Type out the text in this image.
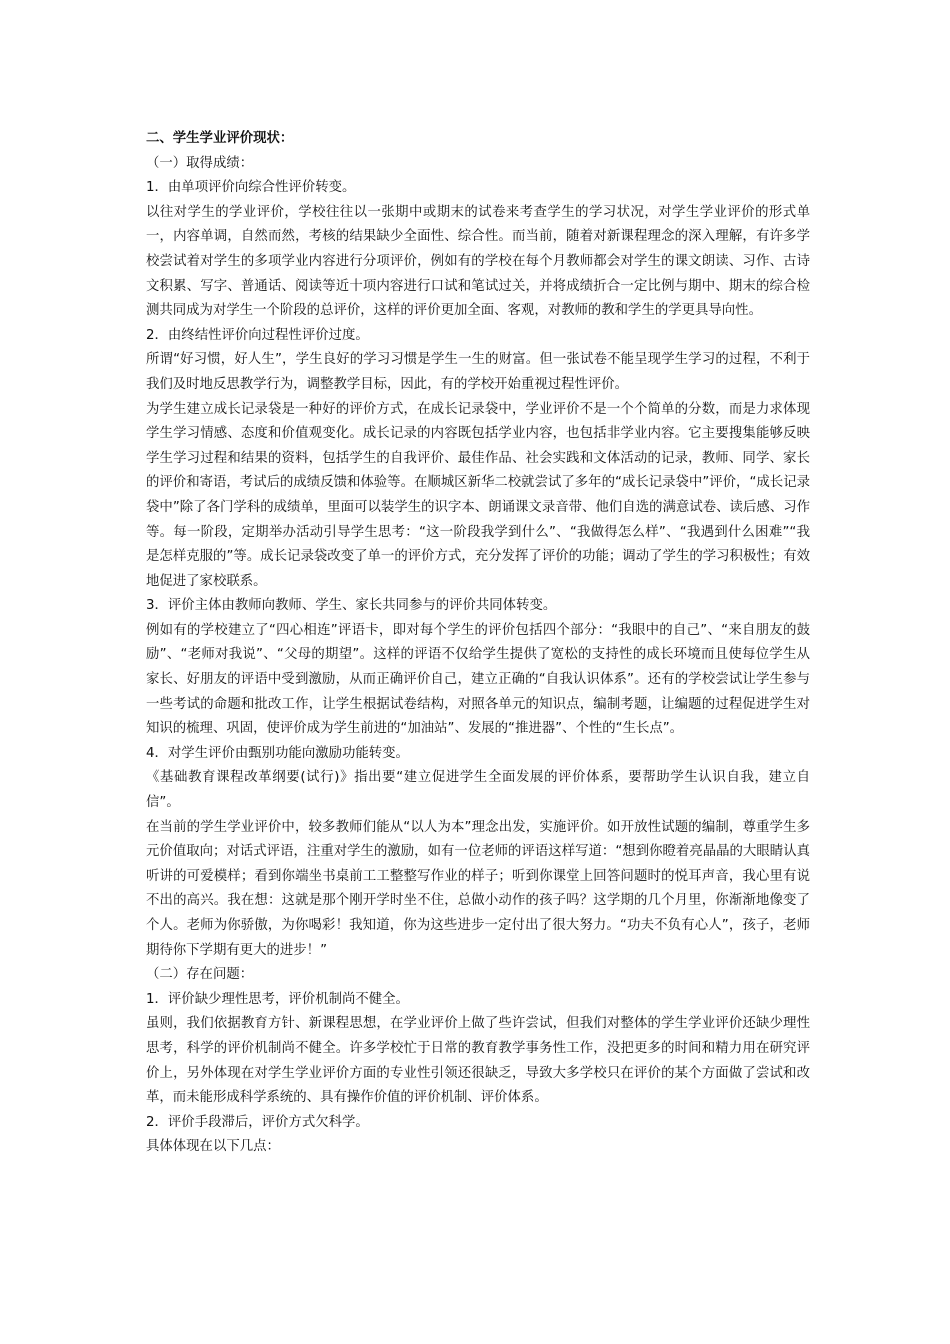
二、学生学业评价现状：
（一）取得成绩：
1．由单项评价向综合性评价转变。
以往对学生的学业评价，学校往往以一张期中或期末的试卷来考查学生的学习状况，对学生学业评价的形式单一，内容单调，自然而然，考核的结果缺少全面性、综合性。而当前，随着对新课程理念的深入理解，有许多学校尝试着对学生的多项学业内容进行分项评价，例如有的学校在每个月教师都会对学生的课文朗读、习作、古诗文积累、写字、普通话、阅读等近十项内容进行口试和笔试过关，并将成绩折合一定比例与期中、期末的综合检测共同成为对学生一个阶段的总评价，这样的评价更加全面、客观，对教师的教和学生的学更具导向性。
2．由终结性评价向过程性评价过度。
所谓“好习惯，好人生”，学生良好的学习习惯是学生一生的财富。但一张试卷不能呈现学生学习的过程，不利于我们及时地反思教学行为，调整教学目标，因此，有的学校开始重视过程性评价。
为学生建立成长记录袋是一种好的评价方式，在成长记录袋中，学业评价不是一个个简单的分数，而是力求体现学生学习情感、态度和价值观变化。成长记录的内容既包括学业内容，也包括非学业内容。它主要搜集能够反映学生学习过程和结果的资料，包括学生的自我评价、最佳作品、社会实践和文体活动的记录，教师、同学、家长的评价和寄语，考试后的成绩反馈和体验等。在顺城区新华二校就尝试了多年的“成长记录袋中”评价，“成长记录袋中”除了各门学科的成绩单，里面可以装学生的识字本、朗诵课文录音带、他们自选的满意试卷、读后感、习作等。每一阶段，定期举办活动引导学生思考：“这一阶段我学到什么”、“我做得怎么样”、“我遇到什么困难”“我是怎样克服的”等。成长记录袋改变了单一的评价方式，充分发挥了评价的功能；调动了学生的学习积极性；有效地促进了家校联系。
3．评价主体由教师向教师、学生、家长共同参与的评价共同体转变。
例如有的学校建立了“四心相连”评语卡，即对每个学生的评价包括四个部分：“我眼中的自己”、“来自朋友的鼓励”、“老师对我说”、“父母的期望”。这样的评语不仅给学生提供了宽松的支持性的成长环境而且使每位学生从家长、好朋友的评语中受到激励，从而正确评价自己，建立正确的“自我认识体系”。还有的学校尝试让学生参与一些考试的命题和批改工作，让学生根据试卷结构，对照各单元的知识点，编制考题，让编题的过程促进学生对知识的梳理、巩固，使评价成为学生前进的“加油站”、发展的“推进器”、个性的“生长点”。
4．对学生评价由甄别功能向激励功能转变。
《基础教育课程改革纲要(试行)》指出要“建立促进学生全面发展的评价体系，要帮助学生认识自我，建立自信”。
在当前的学生学业评价中，较多教师们能从“以人为本”理念出发，实施评价。如开放性试题的编制，尊重学生多元价值取向；对话式评语，注重对学生的激励，如有一位老师的评语这样写道：“想到你瞪着亮晶晶的大眼睛认真听讲的可爱模样；看到你端坐书桌前工工整整写作业的样子；听到你课堂上回答问题时的悦耳声音，我心里有说不出的高兴。我在想：这就是那个刚开学时坐不住，总做小动作的孩子吗？这学期的几个月里，你渐渐地像变了个人。老师为你骄傲，为你喝彩！我知道，你为这些进步一定付出了很大努力。“功夫不负有心人”，孩子，老师期待你下学期有更大的进步！”
（二）存在问题：
1．评价缺少理性思考，评价机制尚不健全。
虽则，我们依据教育方针、新课程思想，在学业评价上做了些许尝试，但我们对整体的学生学业评价还缺少理性思考，科学的评价机制尚不健全。许多学校忙于日常的教育教学事务性工作，没把更多的时间和精力用在研究评价上，另外体现在对学生学业评价方面的专业性引领还很缺乏，导致大多学校只在评价的某个方面做了尝试和改革，而未能形成科学系统的、具有操作价值的评价机制、评价体系。
2．评价手段滞后，评价方式欠科学。
具体体现在以下几点：
